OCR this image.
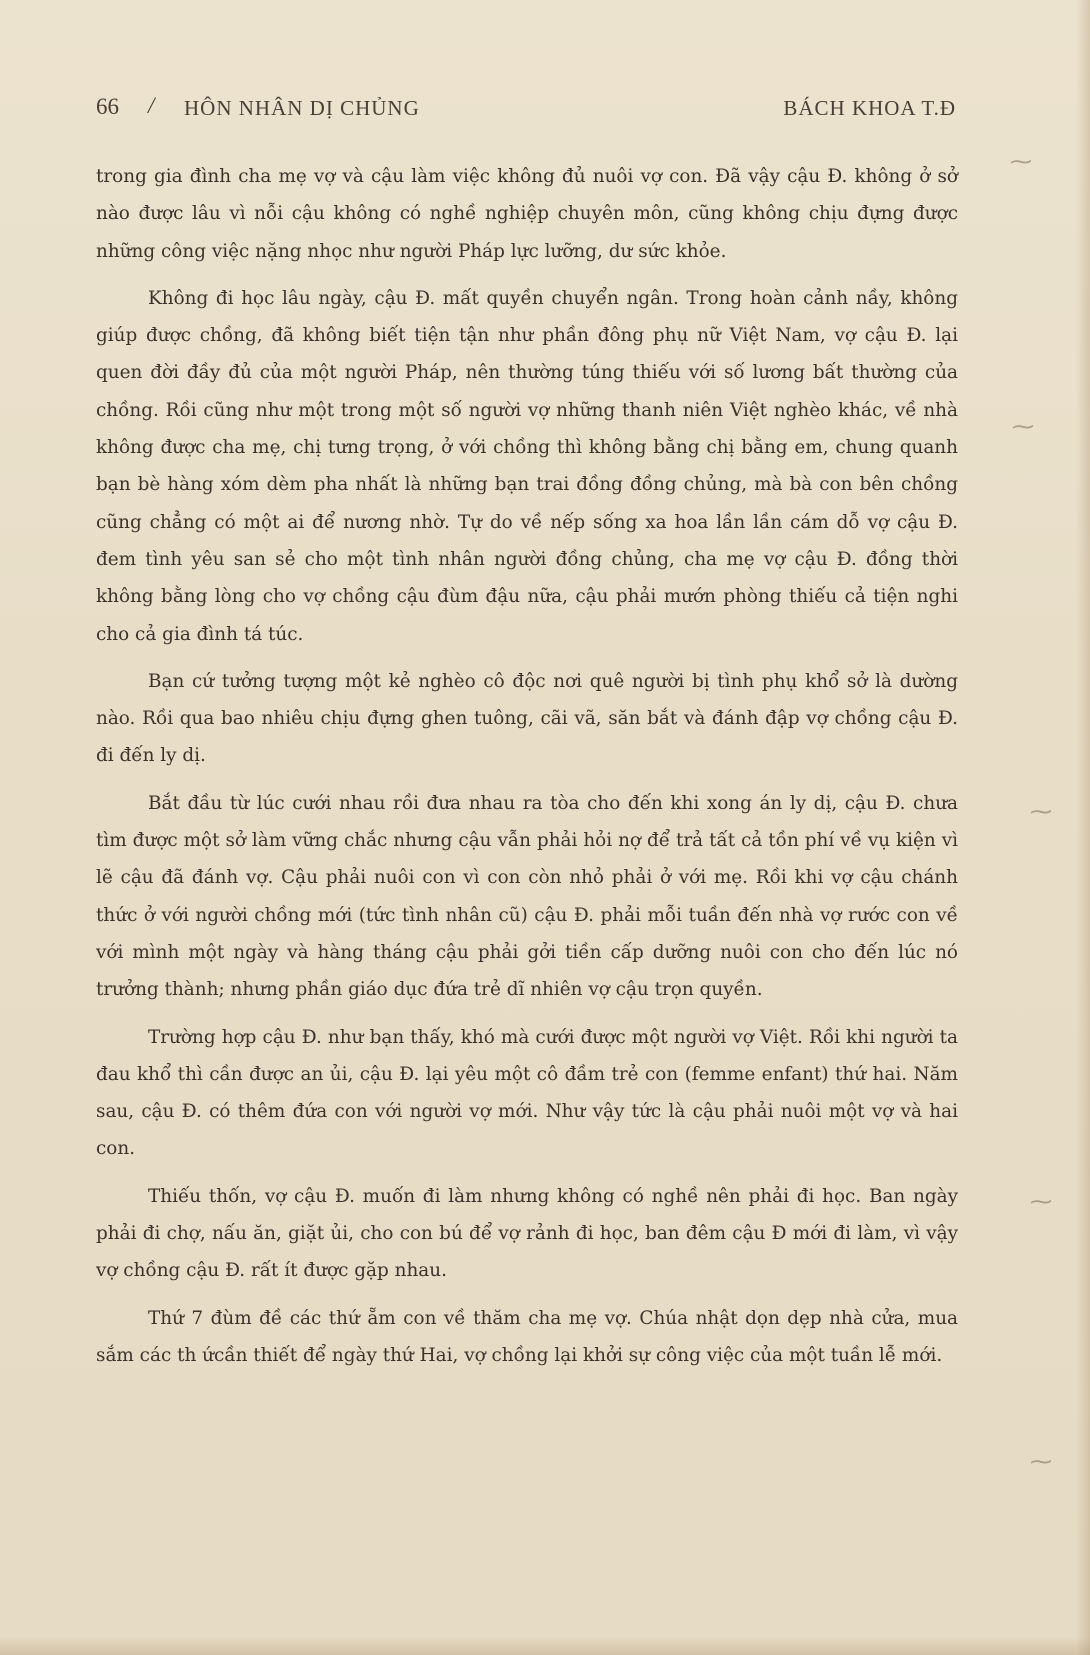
66 / HÔN NHÂN DỊ CHỦNG	BÁCH KHOA T.Đ

trong gia đình cha mẹ vợ và cậu làm việc không đủ nuôi vợ con. Đã vậy cậu Đ. không ở sở nào được lâu vì nỗi cậu không có nghề nghiệp chuyên môn, cũng không chịu đựng được những công việc nặng nhọc như người Pháp lực lưỡng, dư sức khỏe.

Không đi học lâu ngày, cậu Đ. mất quyền chuyển ngân. Trong hoàn cảnh nầy, không giúp được chồng, đã không biết tiện tận như phần đông phụ nữ Việt Nam, vợ cậu Đ. lại quen đời đầy đủ của một người Pháp, nên thường túng thiếu với số lương bất thường của chồng. Rồi cũng như một trong một số người vợ những thanh niên Việt nghèo khác, về nhà không được cha mẹ, chị tưng trọng, ở với chồng thì không bằng chị bằng em, chung quanh bạn bè hàng xóm dèm pha nhất là những bạn trai đồng đồng chủng, mà bà con bên chồng cũng chẳng có một ai để nương nhờ. Tự do về nếp sống xa hoa lần lần cám dỗ vợ cậu Đ. đem tình yêu san sẻ cho một tình nhân người đồng chủng, cha mẹ vợ cậu Đ. đồng thời không bằng lòng cho vợ chồng cậu đùm đậu nữa, cậu phải mướn phòng thiếu cả tiện nghi cho cả gia đình tá túc.

Bạn cứ tưởng tượng một kẻ nghèo cô độc nơi quê người bị tình phụ khổ sở là dường nào. Rồi qua bao nhiêu chịu đựng ghen tuông, cãi vã, săn bắt và đánh đập vợ chồng cậu Đ. đi đến ly dị.

Bắt đầu từ lúc cưới nhau rồi đưa nhau ra tòa cho đến khi xong án ly dị, cậu Đ. chưa tìm được một sở làm vững chắc nhưng cậu vẫn phải hỏi nợ để trả tất cả tồn phí về vụ kiện vì lẽ cậu đã đánh vợ. Cậu phải nuôi con vì con còn nhỏ phải ở với mẹ. Rồi khi vợ cậu chánh thức ở với người chồng mới (tức tình nhân cũ) cậu Đ. phải mỗi tuần đến nhà vợ rước con về với mình một ngày và hàng tháng cậu phải gởi tiền cấp dưỡng nuôi con cho đến lúc nó trưởng thành; nhưng phần giáo dục đứa trẻ dĩ nhiên vợ cậu trọn quyền.

Trường hợp cậu Đ. như bạn thấy, khó mà cưới được một người vợ Việt. Rồi khi người ta đau khổ thì cần được an ủi, cậu Đ. lại yêu một cô đầm trẻ con (femme enfant) thứ hai. Năm sau, cậu Đ. có thêm đứa con với người vợ mới. Như vậy tức là cậu phải nuôi một vợ và hai con.

Thiếu thốn, vợ cậu Đ. muốn đi làm nhưng không có nghề nên phải đi học. Ban ngày phải đi chợ, nấu ăn, giặt ủi, cho con bú để vợ rảnh đi học, ban đêm cậu Đ mới đi làm, vì vậy vợ chồng cậu Đ. rất ít được gặp nhau.

Thứ 7 đùm đề các thứ ẵm con về thăm cha mẹ vợ. Chúa nhật dọn dẹp nhà cửa, mua sắm các th ứcần thiết để ngày thứ Hai, vợ chồng lại khởi sự công việc của một tuần lễ mới.

⁓
⁓
⁓
⁓
⁓
